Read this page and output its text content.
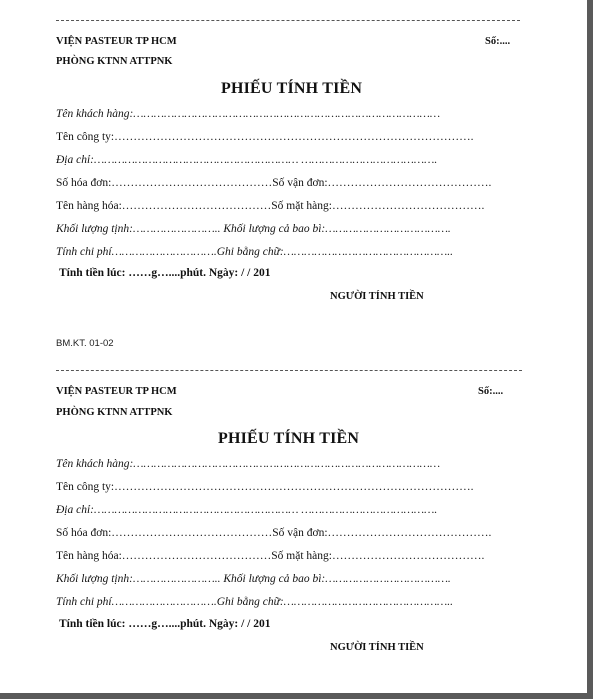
VIỆN PASTEUR TP HCM	Số:....
PHÒNG KTNN ATTPNK
PHIẾU TÍNH TIỀN
Tên khách hàng:………………………………………………………………………………
Tên công ty:………………………………………………………………………………….
Địa chỉ:…………………………………………………… ………………………………….
Số hóa đơn:……………………………………Số vận đơn:…………………………………….
Tên hàng hóa:…………………………………Số mặt hàng:………………………………….
Khối lượng tịnh:…………………….. Khối lượng cả bao bì:……………………………….
Tính chi phí………………………….Ghi bằng chữ:…………………………………………..
Tính tiền lúc: ……g…....phút. Ngày: / / 201
NGƯỜI TÍNH TIỀN
BM.KT. 01-02
VIỆN PASTEUR TP HCM	Số:....
PHÒNG KTNN ATTPNK
PHIẾU TÍNH TIỀN
Tên khách hàng:………………………………………………………………………………
Tên công ty:………………………………………………………………………………….
Địa chỉ:…………………………………………………… ………………………………….
Số hóa đơn:……………………………………Số vận đơn:…………………………………….
Tên hàng hóa:…………………………………Số mặt hàng:………………………………….
Khối lượng tịnh:…………………….. Khối lượng cả bao bì:……………………………….
Tính chi phí………………………….Ghi bằng chữ:…………………………………………..
Tính tiền lúc: ……g…....phút. Ngày: / / 201
NGƯỜI TÍNH TIỀN
